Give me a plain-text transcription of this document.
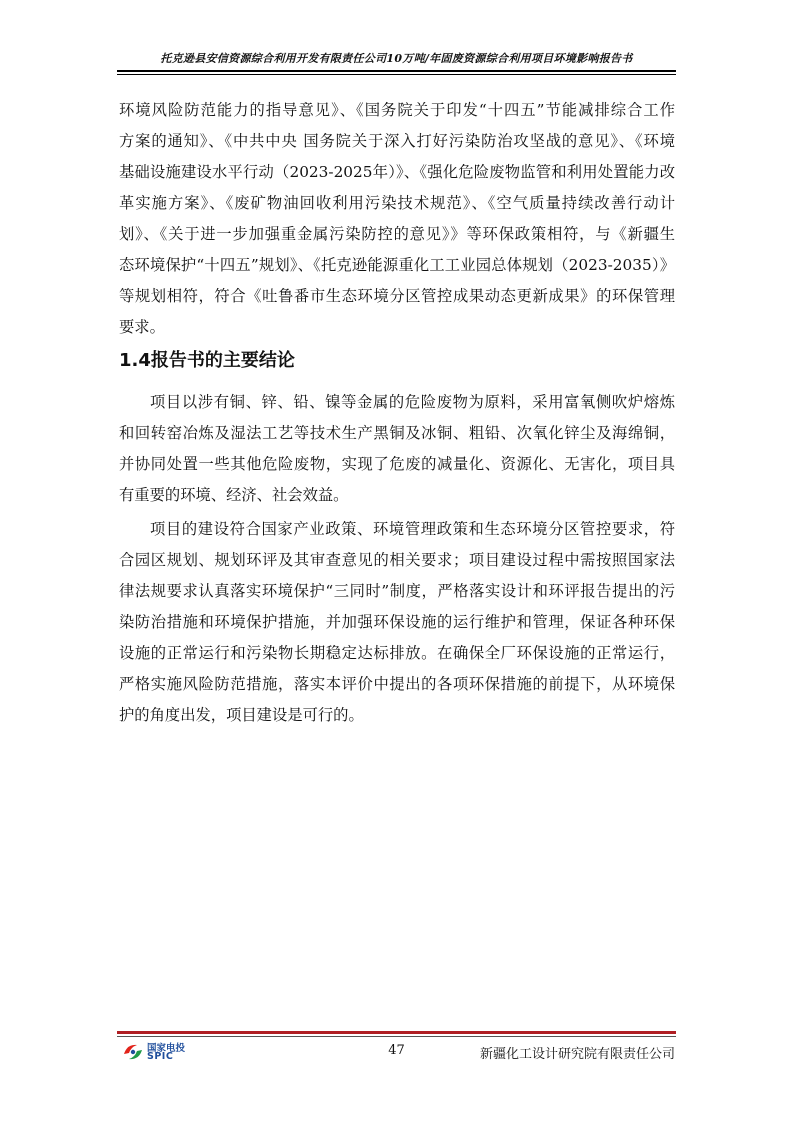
托克逊县安信资源综合利用开发有限责任公司10万吨/年固废资源综合利用项目环境影响报告书
环境风险防范能力的指导意见》、《国务院关于印发“十四五”节能减排综合工作
方案的通知》、《中共中央 国务院关于深入打好污染防治攻坚战的意见》、《环境
基础设施建设水平行动（2023-2025年）》、《强化危险废物监管和利用处置能力改
革实施方案》、《废矿物油回收利用污染技术规范》、《空气质量持续改善行动计
划》、《关于进一步加强重金属污染防控的意见》》等环保政策相符，与《新疆生
态环境保护“十四五”规划》、《托克逊能源重化工工业园总体规划（2023-2035）》
等规划相符，符合《吐鲁番市生态环境分区管控成果动态更新成果》的环保管理
要求。
1.4报告书的主要结论
项目以涉有铜、锌、铅、镍等金属的危险废物为原料，采用富氧侧吹炉熔炼
和回转窑冶炼及湿法工艺等技术生产黑铜及冰铜、粗铅、次氧化锌尘及海绵铜，
并协同处置一些其他危险废物，实现了危废的减量化、资源化、无害化，项目具
有重要的环境、经济、社会效益。
项目的建设符合国家产业政策、环境管理政策和生态环境分区管控要求，符
合园区规划、规划环评及其审查意见的相关要求；项目建设过程中需按照国家法
律法规要求认真落实环境保护“三同时”制度，严格落实设计和环评报告提出的污
染防治措施和环境保护措施，并加强环保设施的运行维护和管理，保证各种环保
设施的正常运行和污染物长期稳定达标排放。在确保全厂环保设施的正常运行，
严格实施风险防范措施，落实本评价中提出的各项环保措施的前提下，从环境保
护的角度出发，项目建设是可行的。
国家电投
SPIC	47	新疆化工设计研究院有限责任公司
